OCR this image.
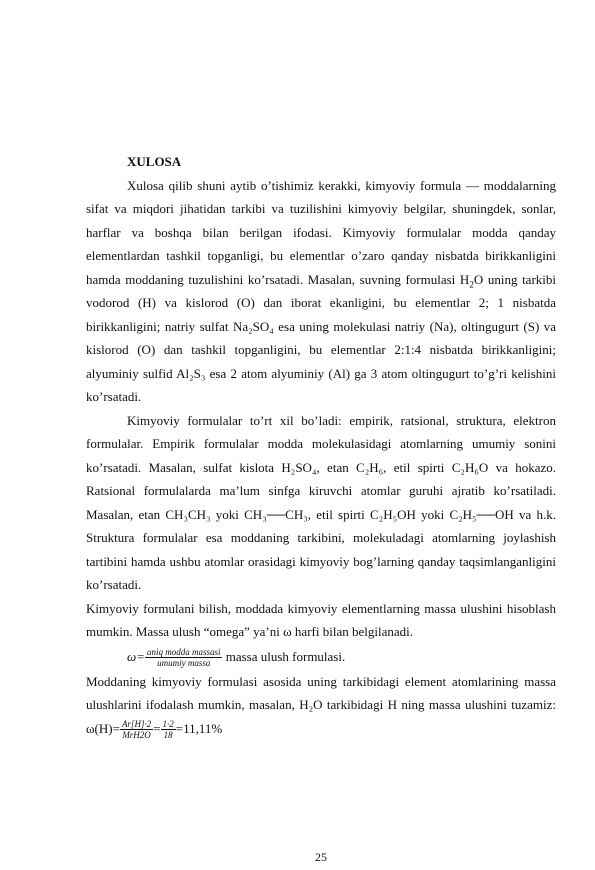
XULOSA

Xulosa qilib shuni aytib o’tishimiz kerakki, kimyoviy formula — moddalarning sifat va miqdori jihatidan tarkibi va tuzilishini kimyoviy belgilar, shuningdek, sonlar, harflar va boshqa bilan berilgan ifodasi. Kimyoviy formulalar modda qanday elementlardan tashkil topganligi, bu elementlar o’zaro qanday nisbatda birikkanligini hamda moddaning tuzulishini ko’rsatadi. Masalan, suvning formulasi $H_2O$ uning tarkibi vodorod (H) va kislorod (O) dan iborat ekanligini, bu elementlar 2; 1 nisbatda birikkanligini; natriy sulfat Na₂SO₄ esa uning molekulasi natriy (Na), oltingugurt (S) va kislorod (O) dan tashkil topganligini, bu elementlar 2:1:4 nisbatda birikkanligini; alyuminiy sulfid Al₂S₃ esa 2 atom alyuminiy (Al) ga 3 atom oltingugurt to’g’ri kelishini ko’rsatadi.

Kimyoviy formulalar to’rt xil bo’ladi: empirik, ratsional, struktura, elektron formulalar. Empirik formulalar modda molekulasidagi atomlarning umumiy sonini ko’rsatadi. Masalan, sulfat kislota H₂SO₄, etan C₂H₆, etil spirti C₂H₆O va hokazo. Ratsional formulalarda ma’lum sinfga kiruvchi atomlar guruhi ajratib ko’rsatiladi. Masalan, etan CH₃CH₃ yoki CH₃──CH₃, etil spirti C₂H₅OH yoki C₂H₅──OH va h.k. Struktura formulalar esa moddaning tarkibini, molekuladagi atomlarning joylashish tartibini hamda ushbu atomlar orasidagi kimyoviy bog’larning qanday taqsimlanganligini ko’rsatadi.

Kimyoviy formulani bilish, moddada kimyoviy elementlarning massa ulushini hisoblash mumkin. Massa ulush “omega” ya’ni ω harfi bilan belgilanadi.

$\omega= \frac{\text{aniq modda massasi}}{\text{umumiy massa}}$ massa ulush formulasi.

Moddaning kimyoviy formulasi asosida uning tarkibidagi element atomlarining massa ulushlarini ifodalash mumkin, masalan, H₂O tarkibidagi H ning massa ulushini tuzamiz: $\omega(H)= \frac{Ar[H]\cdot 2}{\text{MrH2O}} = \frac{1\cdot 2}{18} =11,11\%$

25
